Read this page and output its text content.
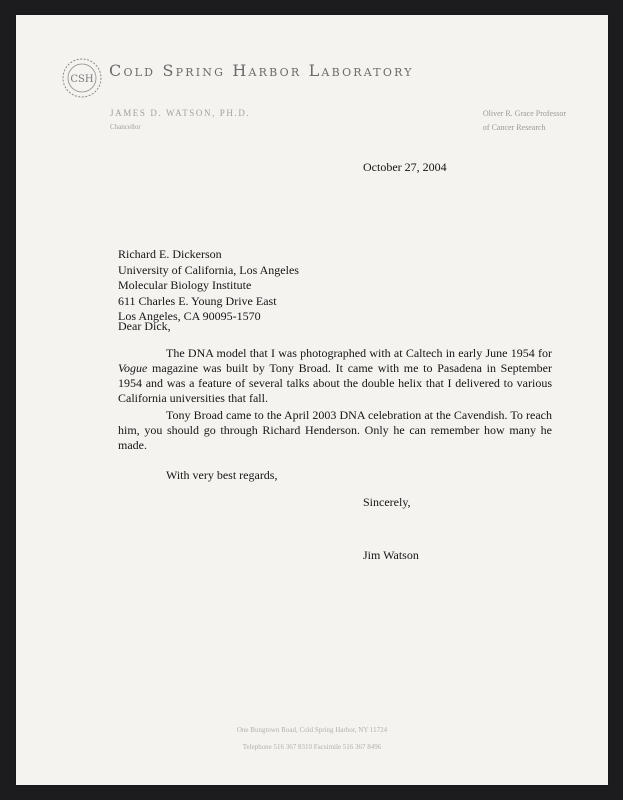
CSH Cold Spring Harbor Laboratory
JAMES D. WATSON, PH.D.
Chancellor
Oliver R. Grace Professor
of Cancer Research
October 27, 2004
Richard E. Dickerson
University of California, Los Angeles
Molecular Biology Institute
611 Charles E. Young Drive East
Los Angeles, CA 90095-1570
Dear Dick,
The DNA model that I was photographed with at Caltech in early June 1954 for Vogue magazine was built by Tony Broad. It came with me to Pasadena in September 1954 and was a feature of several talks about the double helix that I delivered to various California universities that fall.
Tony Broad came to the April 2003 DNA celebration at the Cavendish. To reach him, you should go through Richard Henderson. Only he can remember how many he made.
With very best regards,
Sincerely,
Jim Watson
One Bungtown Road, Cold Spring Harbor, NY 11724
Telephone 516 367 8310 Facsimile 516 367 8496
